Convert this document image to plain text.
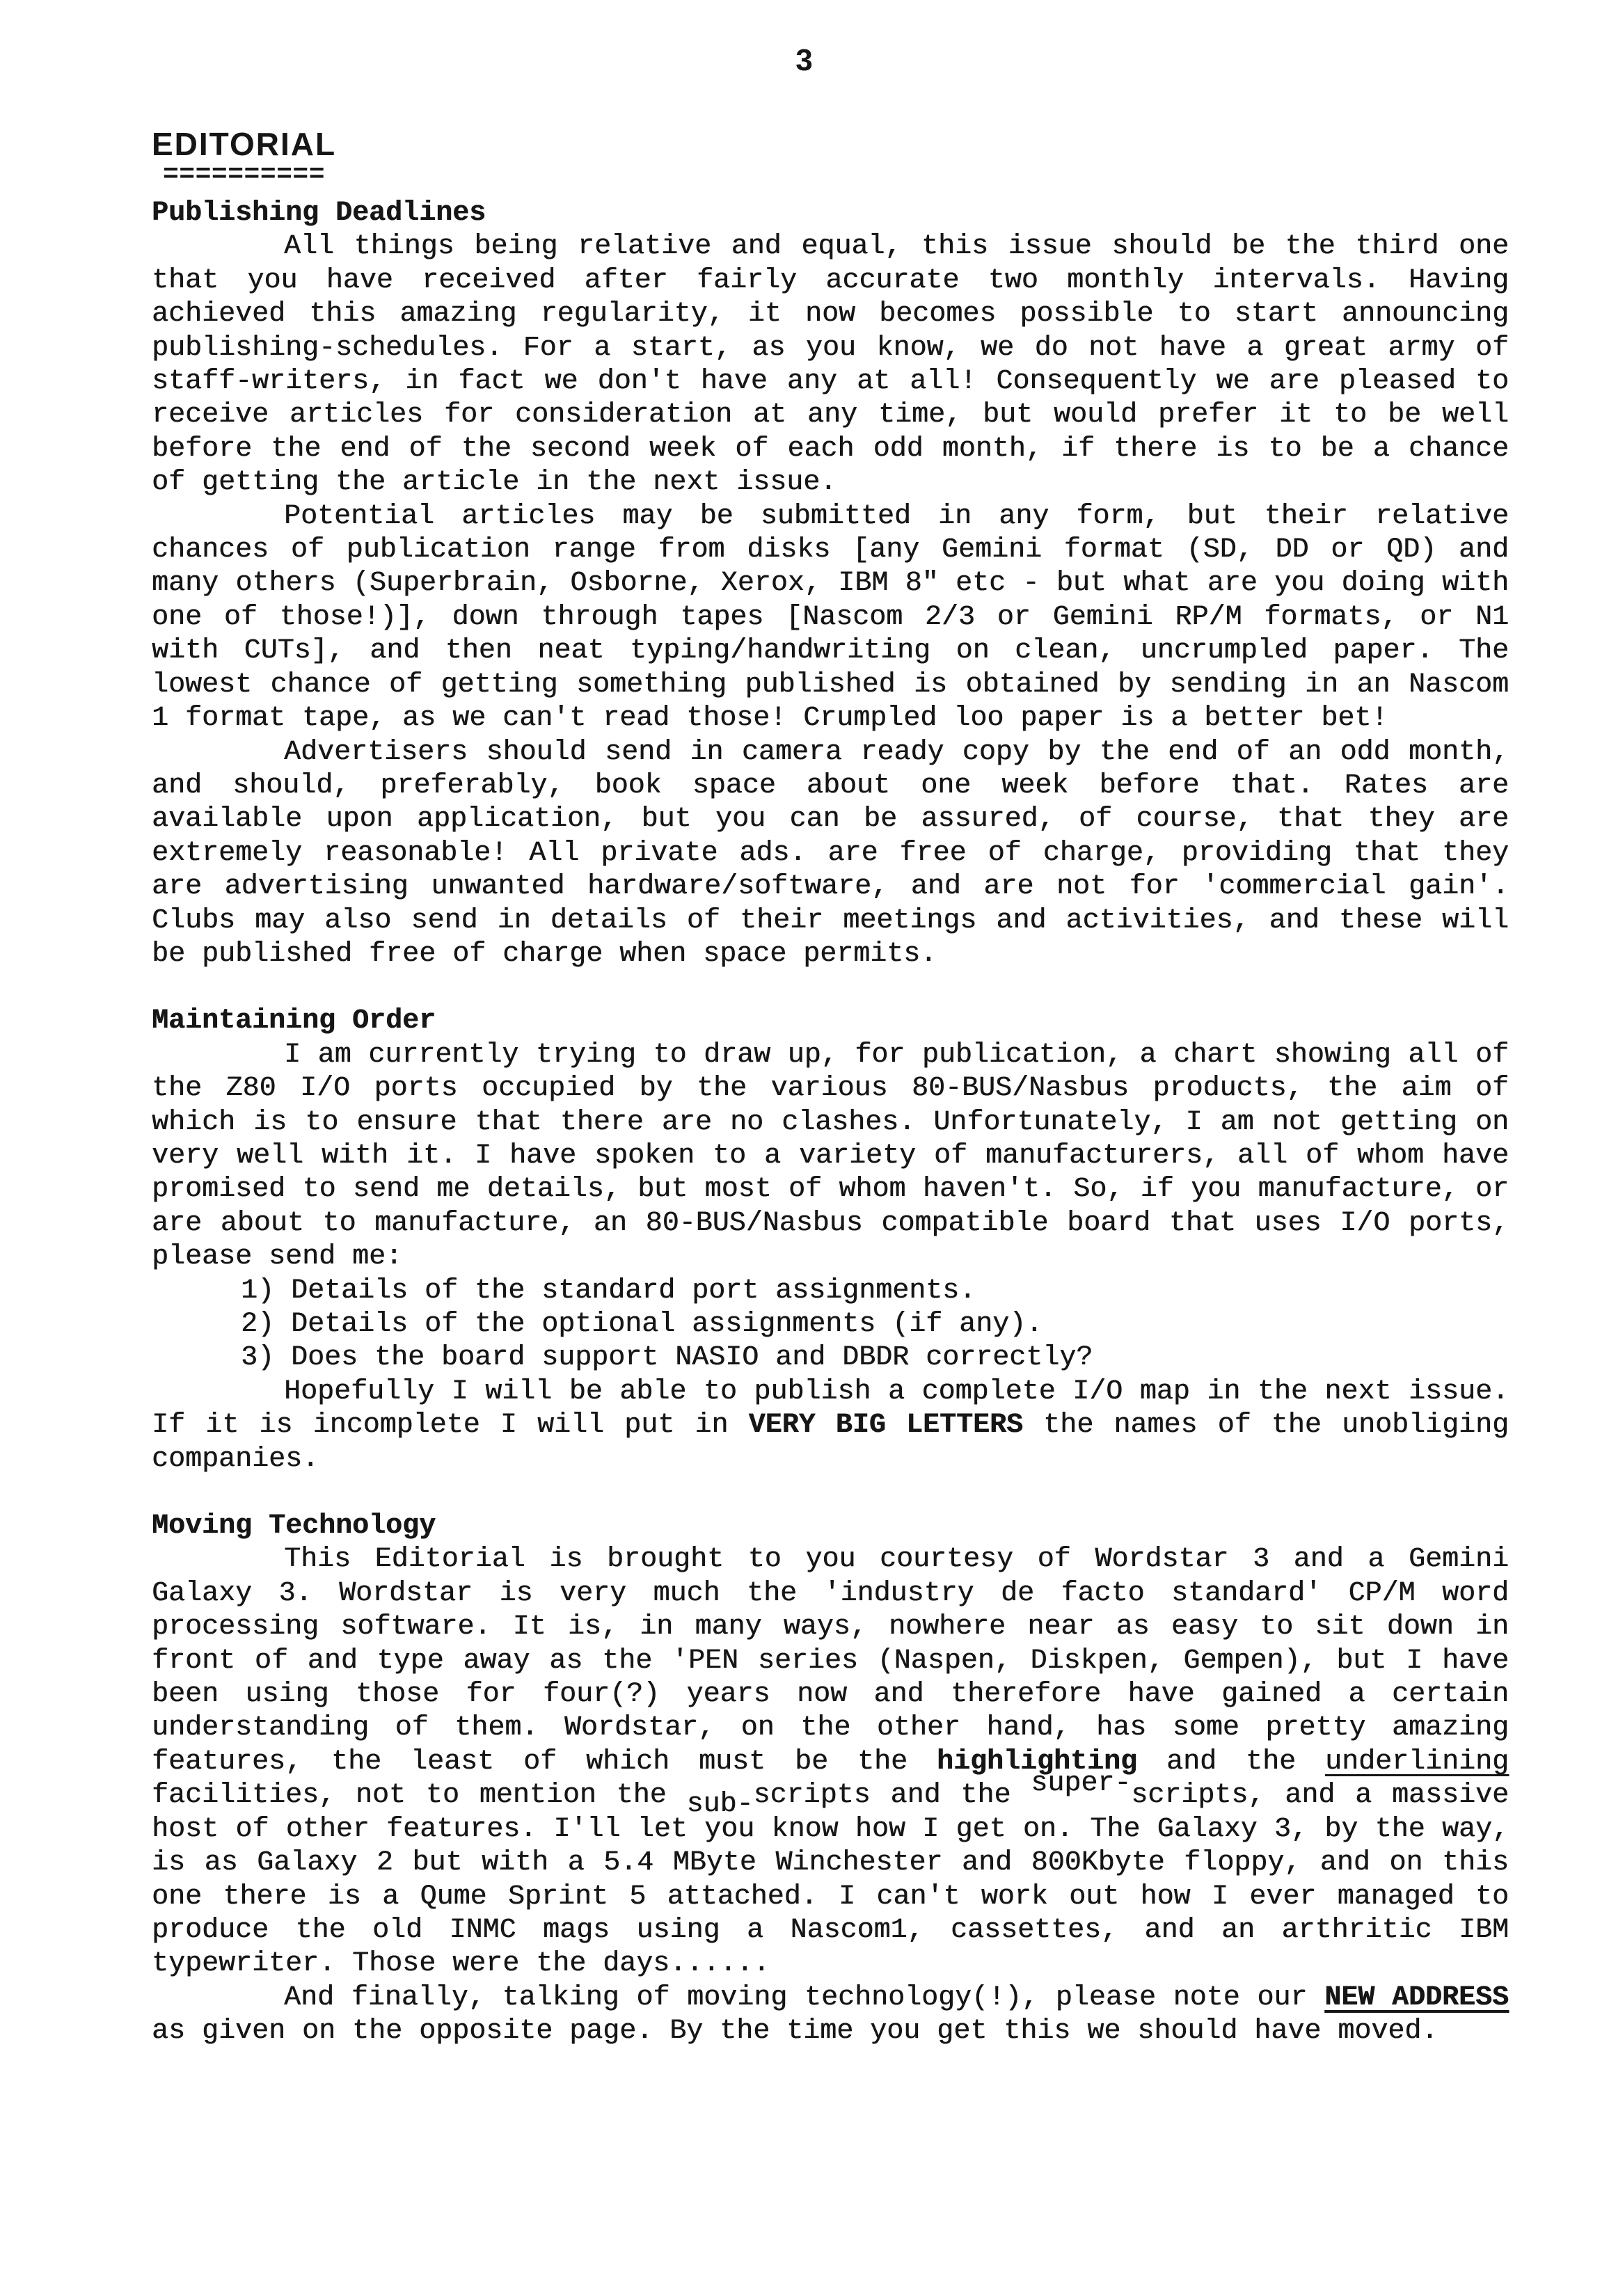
3
EDITORIAL
==========
Publishing Deadlines
All things being relative and equal, this issue should be the third one
that you have received after fairly accurate two monthly intervals. Having
achieved this amazing regularity, it now becomes possible to start announcing
publishing-schedules. For a start, as you know, we do not have a great army of
staff-writers, in fact we don't have any at all! Consequently we are pleased to
receive articles for consideration at any time, but would prefer it to be well
before the end of the second week of each odd month, if there is to be a chance
of getting the article in the next issue.
Potential articles may be submitted in any form, but their relative
chances of publication range from disks [any Gemini format (SD, DD or QD) and
many others (Superbrain, Osborne, Xerox, IBM 8" etc - but what are you doing with
one of those!)], down through tapes [Nascom 2/3 or Gemini RP/M formats, or N1
with CUTs], and then neat typing/handwriting on clean, uncrumpled paper. The
lowest chance of getting something published is obtained by sending in an Nascom
1 format tape, as we can't read those! Crumpled loo paper is a better bet!
Advertisers should send in camera ready copy by the end of an odd month,
and should, preferably, book space about one week before that. Rates are
available upon application, but you can be assured, of course, that they are
extremely reasonable! All private ads. are free of charge, providing that they
are advertising unwanted hardware/software, and are not for 'commercial gain'.
Clubs may also send in details of their meetings and activities, and these will
be published free of charge when space permits.
Maintaining Order
I am currently trying to draw up, for publication, a chart showing all of
the Z80 I/O ports occupied by the various 80-BUS/Nasbus products, the aim of
which is to ensure that there are no clashes. Unfortunately, I am not getting on
very well with it. I have spoken to a variety of manufacturers, all of whom have
promised to send me details, but most of whom haven't. So, if you manufacture, or
are about to manufacture, an 80-BUS/Nasbus compatible board that uses I/O ports,
please send me:
1) Details of the standard port assignments.
2) Details of the optional assignments (if any).
3) Does the board support NASIO and DBDR correctly?
Hopefully I will be able to publish a complete I/O map in the next issue.
If it is incomplete I will put in VERY BIG LETTERS the names of the unobliging
companies.
Moving Technology
This Editorial is brought to you courtesy of Wordstar 3 and a Gemini
Galaxy 3. Wordstar is very much the 'industry de facto standard' CP/M word
processing software. It is, in many ways, nowhere near as easy to sit down in
front of and type away as the 'PEN series (Naspen, Diskpen, Gempen), but I have
been using those for four(?) years now and therefore have gained a certain
understanding of them. Wordstar, on the other hand, has some pretty amazing
features, the least of which must be the highlighting and the underlining
facilities, not to mention the sub-scripts and the super-scripts, and a massive
host of other features. I'll let you know how I get on. The Galaxy 3, by the way,
is as Galaxy 2 but with a 5.4 MByte Winchester and 800Kbyte floppy, and on this
one there is a Qume Sprint 5 attached. I can't work out how I ever managed to
produce the old INMC mags using a Nascom1, cassettes, and an arthritic IBM
typewriter. Those were the days......
And finally, talking of moving technology(!), please note our NEW ADDRESS
as given on the opposite page. By the time you get this we should have moved.
